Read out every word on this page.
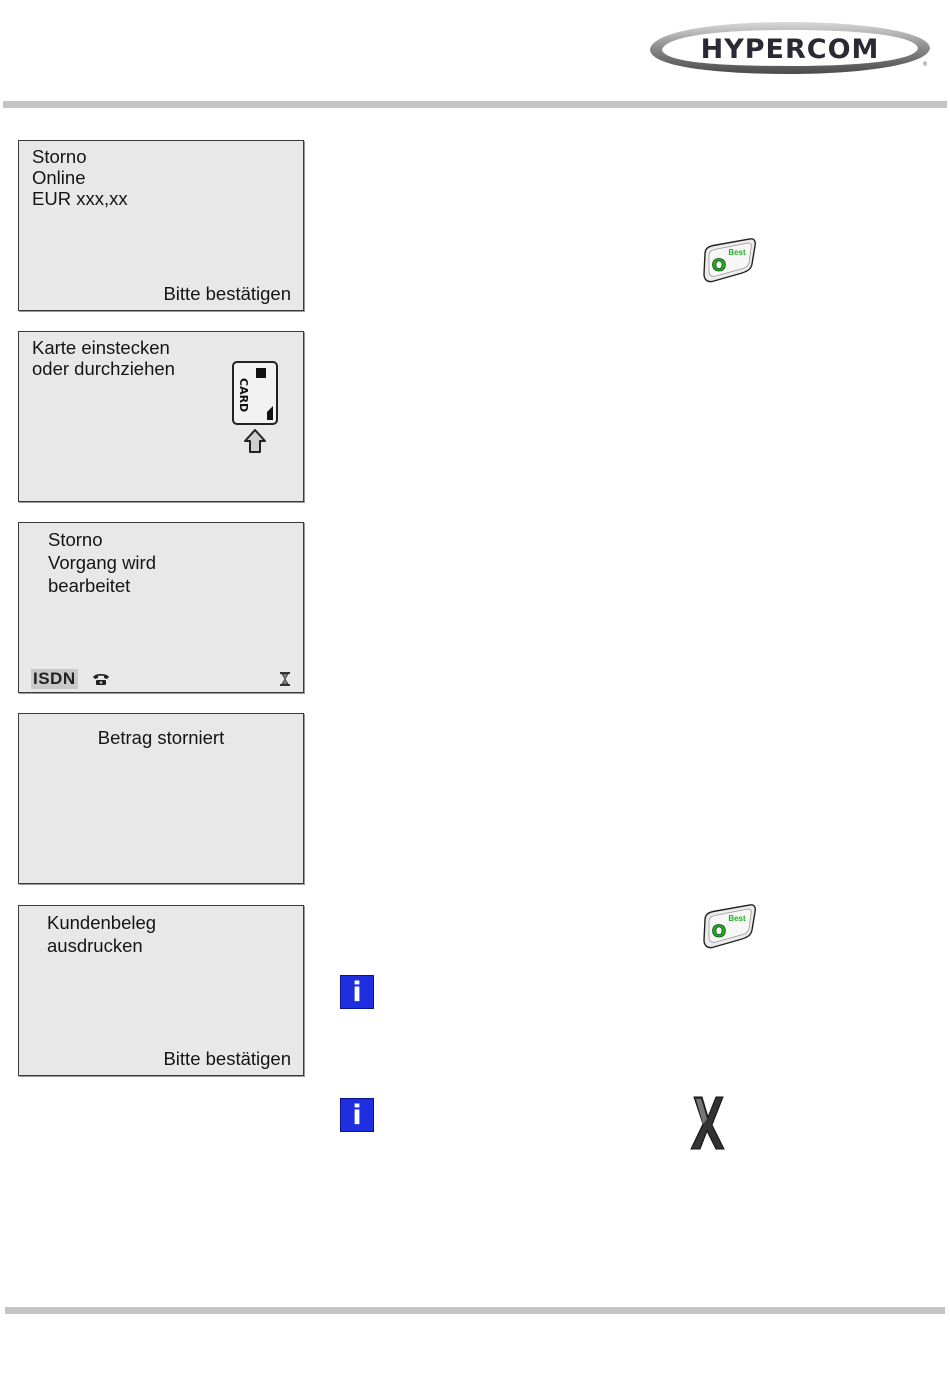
HYPERCOM	®
Storno
Online
EUR xxx,xx
Bitte bestätigen
O
Best
Karte einstecken
oder durchziehen
CARD
Storno
Vorgang wird
bearbeitet
ISDN
Betrag storniert
Kundenbeleg
ausdrucken
Bitte bestätigen
O
Best
i
i
